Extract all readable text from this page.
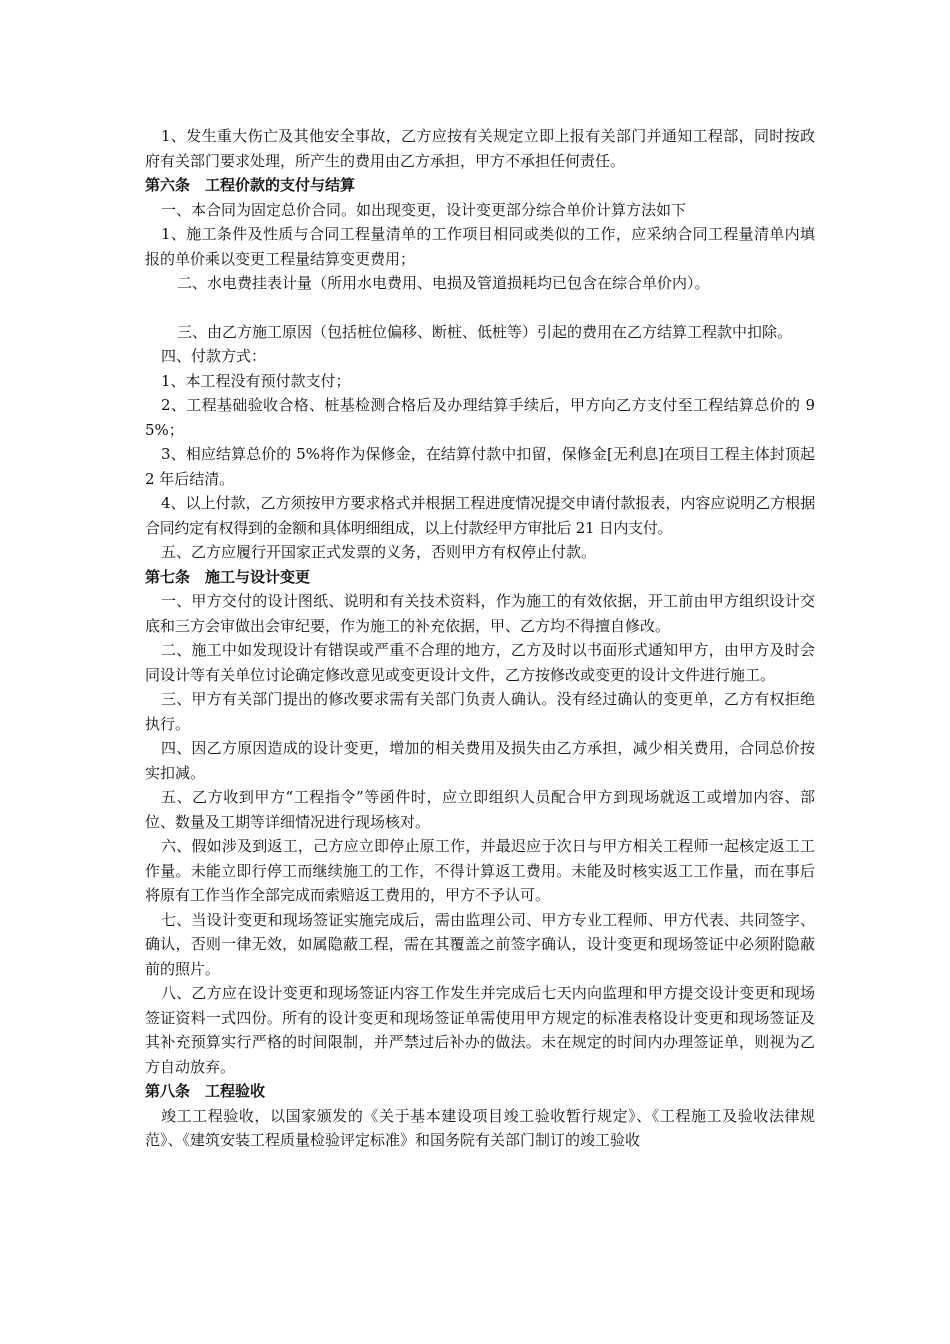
1、发生重大伤亡及其他安全事故，乙方应按有关规定立即上报有关部门并通知工程部，同时按政府有关部门要求处理，所产生的费用由乙方承担，甲方不承担任何责任。

第六条　工程价款的支付与结算

一、本合同为固定总价合同。如出现变更，设计变更部分综合单价计算方法如下

1、施工条件及性质与合同工程量清单的工作项目相同或类似的工作，应采纳合同工程量清单内填报的单价乘以变更工程量结算变更费用；

二、水电费挂表计量（所用水电费用、电损及管道损耗均已包含在综合单价内）。

三、由乙方施工原因（包括桩位偏移、断桩、低桩等）引起的费用在乙方结算工程款中扣除。

四、付款方式：

1、本工程没有预付款支付；

2、工程基础验收合格、桩基检测合格后及办理结算手续后，甲方向乙方支付至工程结算总价的 95%；

3、相应结算总价的 5%将作为保修金，在结算付款中扣留，保修金[无利息]在项目工程主体封顶起 2 年后结清。

4、以上付款，乙方须按甲方要求格式并根据工程进度情况提交申请付款报表，内容应说明乙方根据合同约定有权得到的金额和具体明细组成，以上付款经甲方审批后 21 日内支付。

五、乙方应履行开国家正式发票的义务，否则甲方有权停止付款。

第七条　施工与设计变更

一、甲方交付的设计图纸、说明和有关技术资料，作为施工的有效依据，开工前由甲方组织设计交底和三方会审做出会审纪要，作为施工的补充依据，甲、乙方均不得擅自修改。

二、施工中如发现设计有错误或严重不合理的地方，乙方及时以书面形式通知甲方，由甲方及时会同设计等有关单位讨论确定修改意见或变更设计文件，乙方按修改或变更的设计文件进行施工。

三、甲方有关部门提出的修改要求需有关部门负责人确认。没有经过确认的变更单，乙方有权拒绝执行。

四、因乙方原因造成的设计变更，增加的相关费用及损失由乙方承担，减少相关费用，合同总价按实扣减。

五、乙方收到甲方“工程指令”等函件时，应立即组织人员配合甲方到现场就返工或增加内容、部位、数量及工期等详细情况进行现场核对。

六、假如涉及到返工，己方应立即停止原工作，并最迟应于次日与甲方相关工程师一起核定返工工作量。未能立即行停工而继续施工的工作，不得计算返工费用。未能及时核实返工工作量，而在事后将原有工作当作全部完成而索赔返工费用的，甲方不予认可。

七、当设计变更和现场签证实施完成后，需由监理公司、甲方专业工程师、甲方代表、共同签字、确认，否则一律无效，如属隐蔽工程，需在其覆盖之前签字确认，设计变更和现场签证中必须附隐蔽前的照片。

八、乙方应在设计变更和现场签证内容工作发生并完成后七天内向监理和甲方提交设计变更和现场签证资料一式四份。所有的设计变更和现场签证单需使用甲方规定的标准表格设计变更和现场签证及其补充预算实行严格的时间限制，并严禁过后补办的做法。未在规定的时间内办理签证单，则视为乙方自动放弃。

第八条　工程验收

竣工工程验收，以国家颁发的《关于基本建设项目竣工验收暂行规定》、《工程施工及验收法律规范》、《建筑安装工程质量检验评定标准》和国务院有关部门制订的竣工验收
